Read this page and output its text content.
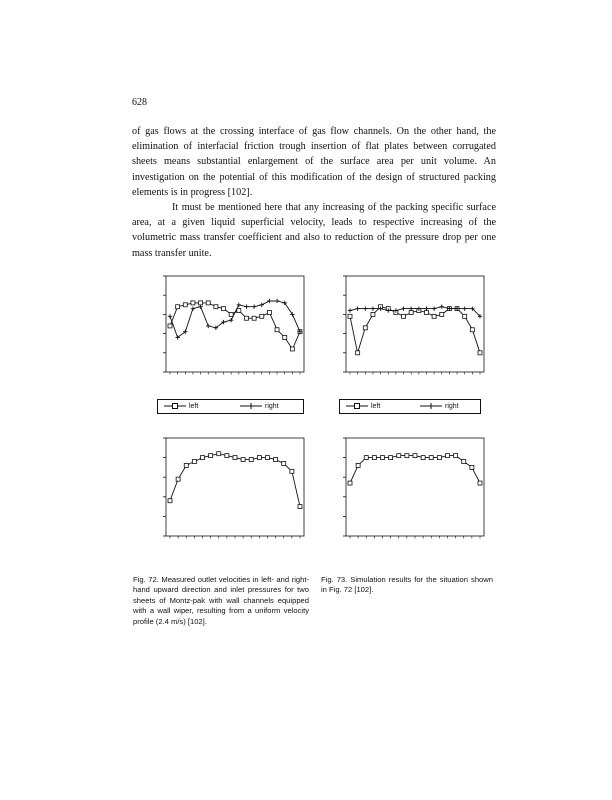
628

of gas flows at the crossing interface of gas flow channels. On the other hand, the elimination of interfacial friction trough insertion of flat plates between corrugated sheets means substantial enlargement of the surface area per unit volume. An investigation on the potential of this modification of the design of structured packing elements is in progress [102].

It must be mentioned here that any increasing of the packing specific surface area, at a given liquid superficial velocity, leads to respective increasing of the volumetric mass transfer coefficient and also to reduction of the pressure drop per one mass transfer unite.

left	right	left	right
Fig. 72. Measured outlet velocities in left- and right-hand upward direction and inlet pressures for two sheets of Montz-pak with wall channels equipped with a wall wiper, resulting from a uniform velocity profile (2.4 m/s) [102].
Fig. 73. Simulation results for the situation shown in Fig. 72 [102].
